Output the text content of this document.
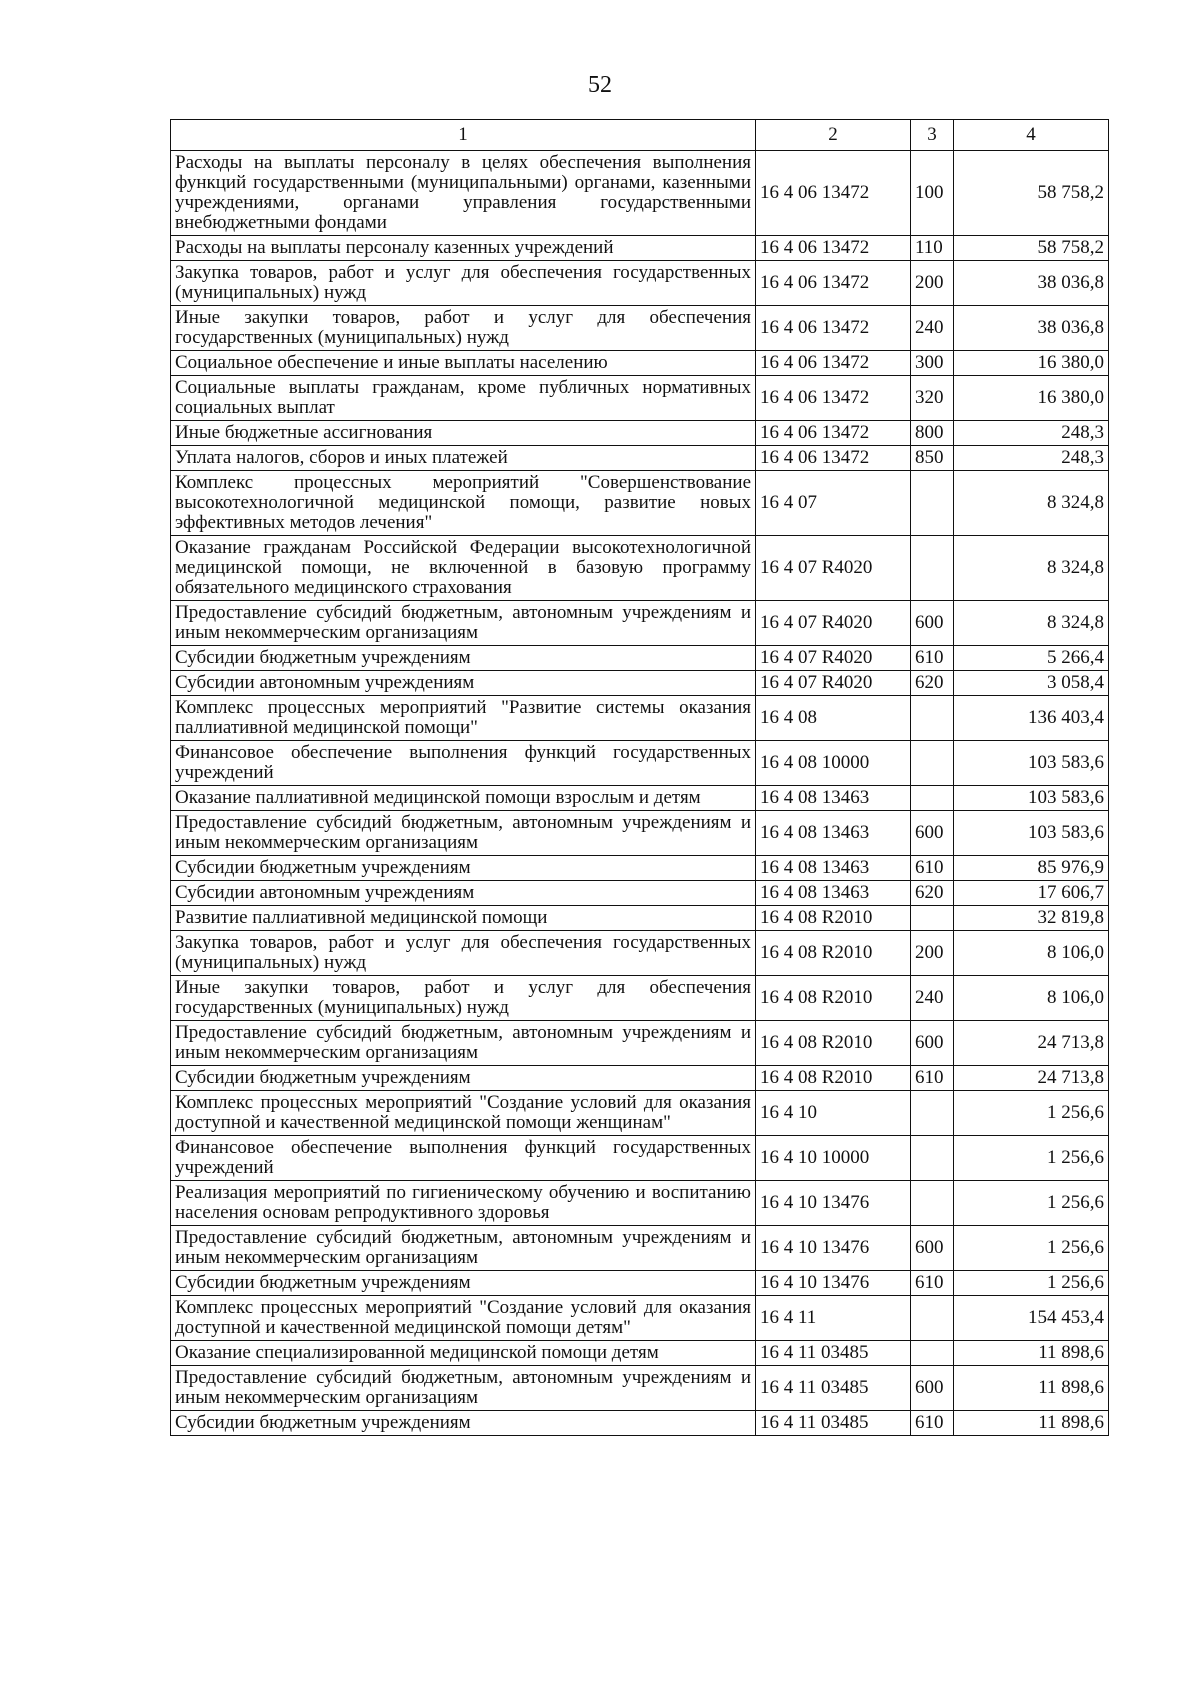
52
1	2	3	4
Расходы на выплаты персоналу в целях обеспечения выполнения функций государственными (муниципальными) органами, казенными учреждениями, органами управления государственными внебюджетными фондами	16 4 06 13472	100	58 758,2
Расходы на выплаты персоналу казенных учреждений	16 4 06 13472	110	58 758,2
Закупка товаров, работ и услуг для обеспечения государственных (муниципальных) нужд	16 4 06 13472	200	38 036,8
Иные закупки товаров, работ и услуг для обеспечения государственных (муниципальных) нужд	16 4 06 13472	240	38 036,8
Социальное обеспечение и иные выплаты населению	16 4 06 13472	300	16 380,0
Социальные выплаты гражданам, кроме публичных нормативных социальных выплат	16 4 06 13472	320	16 380,0
Иные бюджетные ассигнования	16 4 06 13472	800	248,3
Уплата налогов, сборов и иных платежей	16 4 06 13472	850	248,3
Комплекс процессных мероприятий "Совершенствование высокотехнологичной медицинской помощи, развитие новых эффективных методов лечения"	16 4 07		8 324,8
Оказание гражданам Российской Федерации высокотехнологичной медицинской помощи, не включенной в базовую программу обязательного медицинского страхования	16 4 07 R4020		8 324,8
Предоставление субсидий бюджетным, автономным учреждениям и иным некоммерческим организациям	16 4 07 R4020	600	8 324,8
Субсидии бюджетным учреждениям	16 4 07 R4020	610	5 266,4
Субсидии автономным учреждениям	16 4 07 R4020	620	3 058,4
Комплекс процессных мероприятий "Развитие системы оказания паллиативной медицинской помощи"	16 4 08		136 403,4
Финансовое обеспечение выполнения функций государственных учреждений	16 4 08 10000		103 583,6
Оказание паллиативной медицинской помощи взрослым и детям	16 4 08 13463		103 583,6
Предоставление субсидий бюджетным, автономным учреждениям и иным некоммерческим организациям	16 4 08 13463	600	103 583,6
Субсидии бюджетным учреждениям	16 4 08 13463	610	85 976,9
Субсидии автономным учреждениям	16 4 08 13463	620	17 606,7
Развитие паллиативной медицинской помощи	16 4 08 R2010		32 819,8
Закупка товаров, работ и услуг для обеспечения государственных (муниципальных) нужд	16 4 08 R2010	200	8 106,0
Иные закупки товаров, работ и услуг для обеспечения государственных (муниципальных) нужд	16 4 08 R2010	240	8 106,0
Предоставление субсидий бюджетным, автономным учреждениям и иным некоммерческим организациям	16 4 08 R2010	600	24 713,8
Субсидии бюджетным учреждениям	16 4 08 R2010	610	24 713,8
Комплекс процессных мероприятий "Создание условий для оказания доступной и качественной медицинской помощи женщинам"	16 4 10		1 256,6
Финансовое обеспечение выполнения функций государственных учреждений	16 4 10 10000		1 256,6
Реализация мероприятий по гигиеническому обучению и воспитанию населения основам репродуктивного здоровья	16 4 10 13476		1 256,6
Предоставление субсидий бюджетным, автономным учреждениям и иным некоммерческим организациям	16 4 10 13476	600	1 256,6
Субсидии бюджетным учреждениям	16 4 10 13476	610	1 256,6
Комплекс процессных мероприятий "Создание условий для оказания доступной и качественной медицинской помощи детям"	16 4 11		154 453,4
Оказание специализированной медицинской помощи детям	16 4 11 03485		11 898,6
Предоставление субсидий бюджетным, автономным учреждениям и иным некоммерческим организациям	16 4 11 03485	600	11 898,6
Субсидии бюджетным учреждениям	16 4 11 03485	610	11 898,6
